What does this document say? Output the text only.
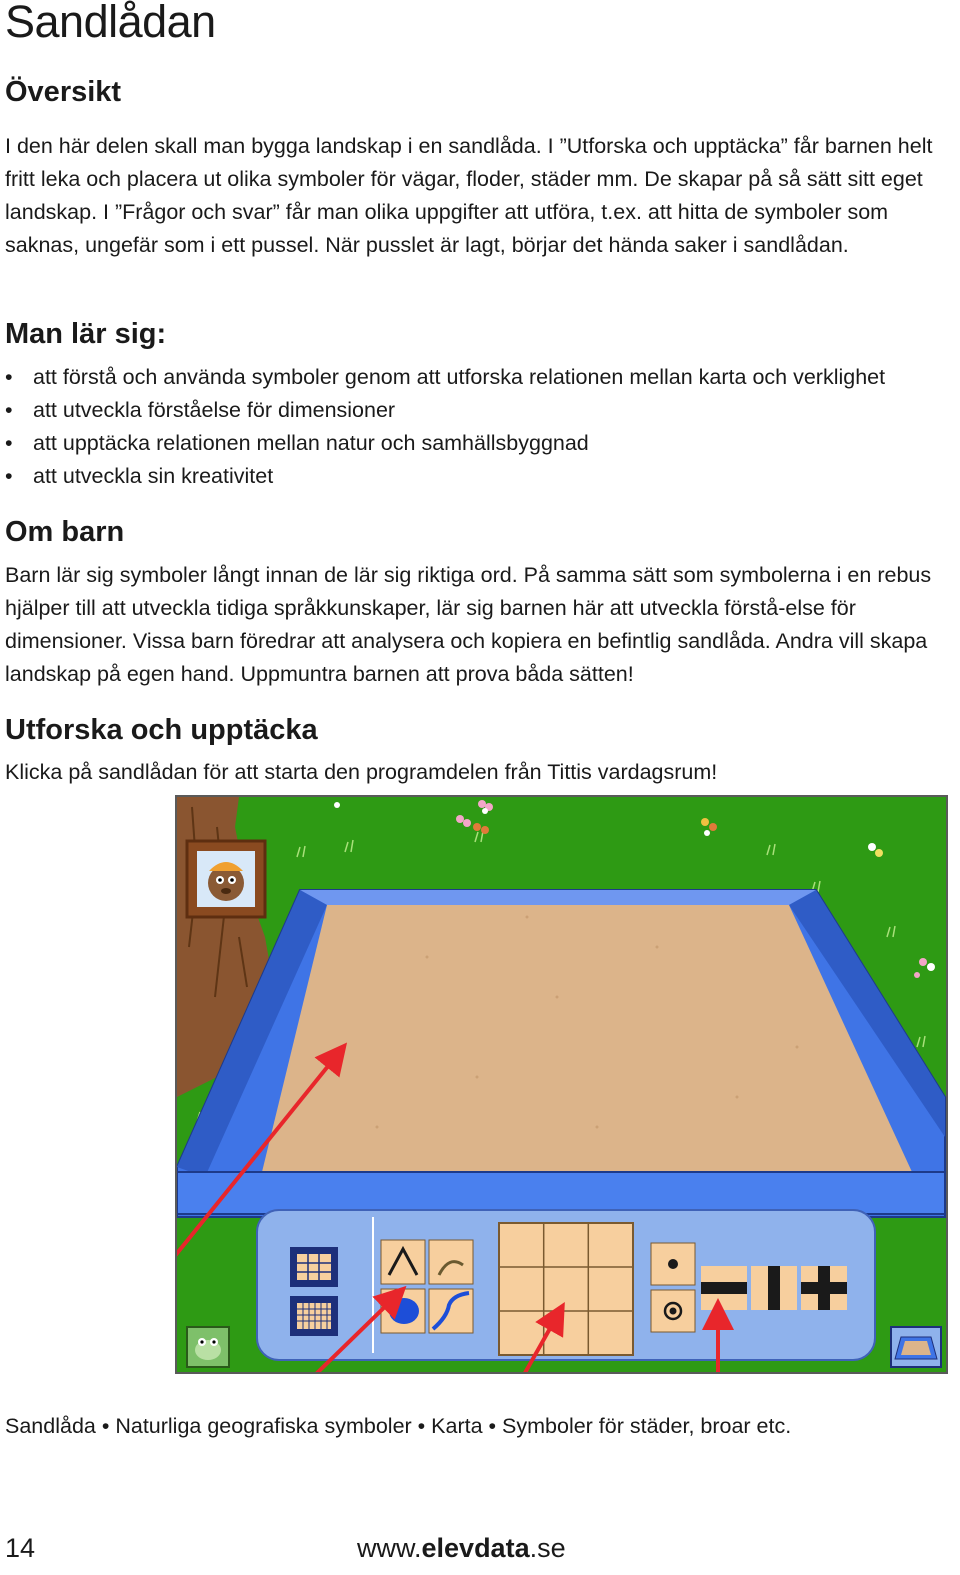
Sandlådan
Översikt

I den här delen skall man bygga landskap i en sandlåda. I ”Utforska och upptäcka” får barnen helt fritt leka och placera ut olika symboler för vägar, floder, städer mm. De skapar på så sätt sitt eget landskap. I ”Frågor och svar” får man olika uppgifter att utföra, t.ex. att hitta de symboler som saknas, ungefär som i ett pussel. När pusslet är lagt, börjar det hända saker i sandlådan.

Man lär sig:
• att förstå och använda symboler genom att utforska relationen mellan karta och verklighet
• att utveckla förståelse för dimensioner
• att upptäcka relationen mellan natur och samhällsbyggnad
• att utveckla sin kreativitet
Om barn

Barn lär sig symboler långt innan de lär sig riktiga ord. På samma sätt som symbolerna i en rebus hjälper till att utveckla tidiga språkkunskaper, lär sig barnen här att utveckla förstå-else för dimensioner. Vissa barn föredrar att analysera och kopiera en befintlig sandlåda. Andra vill skapa landskap på egen hand. Uppmuntra barnen att prova båda sätten!

Utforska och upptäcka

Klicka på sandlådan för att starta den programdelen från Tittis vardagsrum!

Sandlåda • Naturliga geografiska symboler • Karta • Symboler för städer, broar etc.
14	www.elevdata.se
